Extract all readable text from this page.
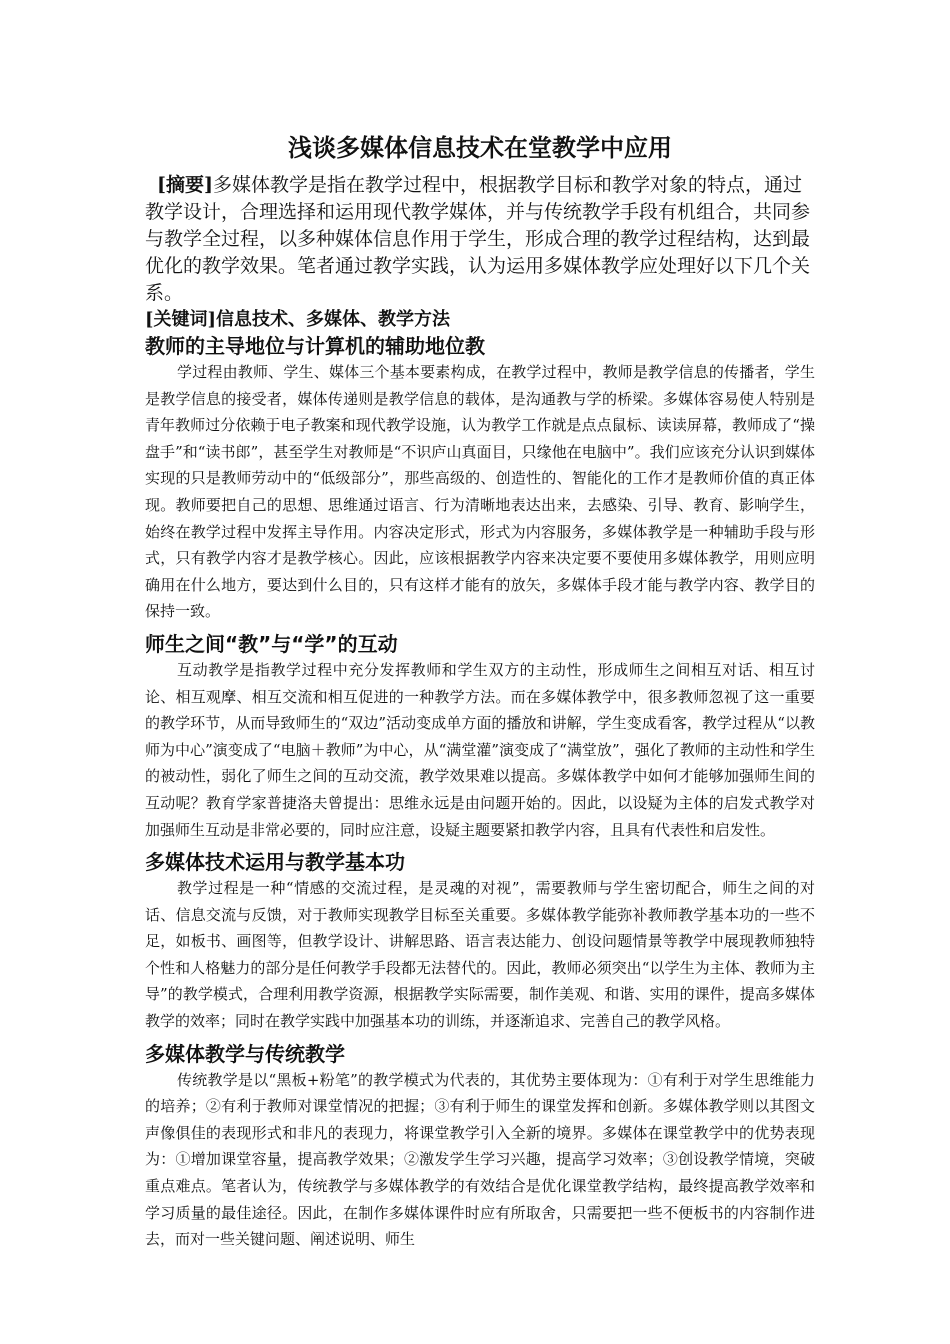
浅谈多媒体信息技术在堂教学中应用

[摘要]多媒体教学是指在教学过程中，根据教学目标和教学对象的特点，通过教学设计，合理选择和运用现代教学媒体，并与传统教学手段有机组合，共同参与教学全过程，以多种媒体信息作用于学生，形成合理的教学过程结构，达到最优化的教学效果。笔者通过教学实践，认为运用多媒体教学应处理好以下几个关系。

[关键词]信息技术、多媒体、教学方法

教师的主导地位与计算机的辅助地位教

学过程由教师、学生、媒体三个基本要素构成，在教学过程中，教师是教学信息的传播者，学生是教学信息的接受者，媒体传递则是教学信息的载体，是沟通教与学的桥梁。多媒体容易使人特别是青年教师过分依赖于电子教案和现代教学设施，认为教学工作就是点点鼠标、读读屏幕，教师成了“操盘手”和“读书郎”，甚至学生对教师是“不识庐山真面目，只缘他在电脑中”。我们应该充分认识到媒体实现的只是教师劳动中的“低级部分”，那些高级的、创造性的、智能化的工作才是教师价值的真正体现。教师要把自己的思想、思维通过语言、行为清晰地表达出来，去感染、引导、教育、影响学生，始终在教学过程中发挥主导作用。内容决定形式，形式为内容服务，多媒体教学是一种辅助手段与形式，只有教学内容才是教学核心。因此，应该根据教学内容来决定要不要使用多媒体教学，用则应明确用在什么地方，要达到什么目的，只有这样才能有的放矢，多媒体手段才能与教学内容、教学目的保持一致。

师生之间“教”与“学”的互动

互动教学是指教学过程中充分发挥教师和学生双方的主动性，形成师生之间相互对话、相互讨论、相互观摩、相互交流和相互促进的一种教学方法。而在多媒体教学中，很多教师忽视了这一重要的教学环节，从而导致师生的“双边”活动变成单方面的播放和讲解，学生变成看客，教学过程从“以教师为中心”演变成了“电脑＋教师”为中心，从“满堂灌”演变成了“满堂放”，强化了教师的主动性和学生的被动性，弱化了师生之间的互动交流，教学效果难以提高。多媒体教学中如何才能够加强师生间的互动呢？教育学家普捷洛夫曾提出：思维永远是由问题开始的。因此，以设疑为主体的启发式教学对加强师生互动是非常必要的，同时应注意，设疑主题要紧扣教学内容，且具有代表性和启发性。

多媒体技术运用与教学基本功

教学过程是一种“情感的交流过程，是灵魂的对视”，需要教师与学生密切配合，师生之间的对话、信息交流与反馈，对于教师实现教学目标至关重要。多媒体教学能弥补教师教学基本功的一些不足，如板书、画图等，但教学设计、讲解思路、语言表达能力、创设问题情景等教学中展现教师独特个性和人格魅力的部分是任何教学手段都无法替代的。因此，教师必须突出“以学生为主体、教师为主导”的教学模式，合理利用教学资源，根据教学实际需要，制作美观、和谐、实用的课件，提高多媒体教学的效率；同时在教学实践中加强基本功的训练，并逐渐追求、完善自己的教学风格。

多媒体教学与传统教学

传统教学是以“黑板+粉笔”的教学模式为代表的，其优势主要体现为：①有利于对学生思维能力的培养；②有利于教师对课堂情况的把握；③有利于师生的课堂发挥和创新。多媒体教学则以其图文声像俱佳的表现形式和非凡的表现力，将课堂教学引入全新的境界。多媒体在课堂教学中的优势表现为：①增加课堂容量，提高教学效果；②激发学生学习兴趣，提高学习效率；③创设教学情境，突破重点难点。笔者认为，传统教学与多媒体教学的有效结合是优化课堂教学结构，最终提高教学效率和学习质量的最佳途径。因此，在制作多媒体课件时应有所取舍，只需要把一些不便板书的内容制作进去，而对一些关键问题、阐述说明、师生
